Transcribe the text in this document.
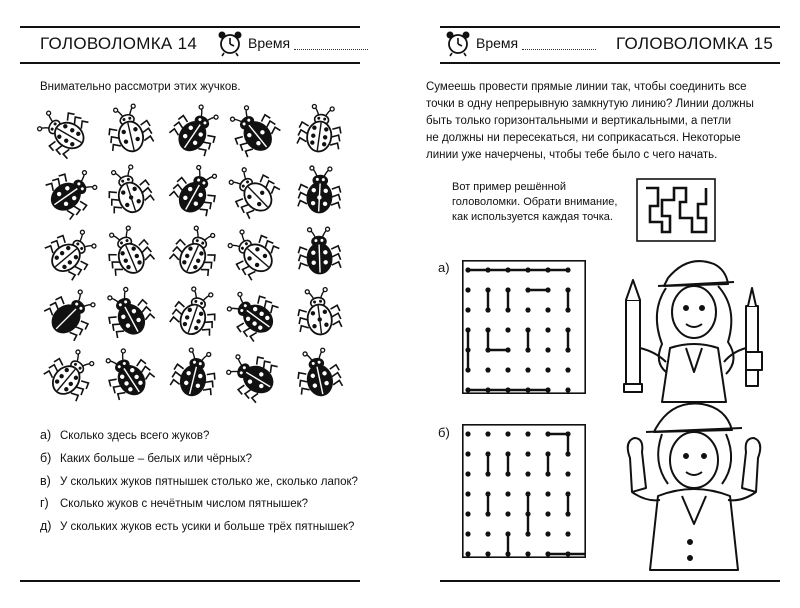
ГОЛОВОЛОМКА 14	Время
Внимательно рассмотри этих жучков.
а) Сколько здесь всего жуков?
б) Каких больше – белых или чёрных?
в) У скольких жуков пятнышек столько же, сколько лапок?
г) Сколько жуков с нечётным числом пятнышек?
д) У скольких жуков есть усики и больше трёх пятнышек?
Время	ГОЛОВОЛОМКА 15
Сумеешь провести прямые линии так, чтобы соединить все
точки в одну непрерывную замкнутую линию? Линии должны
быть только горизонтальными и вертикальными, а петли
не должны ни пересекаться, ни соприкасаться. Некоторые
линии уже начерчены, чтобы тебе было с чего начать.
Вот пример решённой
головоломки. Обрати внимание,
как используется каждая точка.
а)
б)
